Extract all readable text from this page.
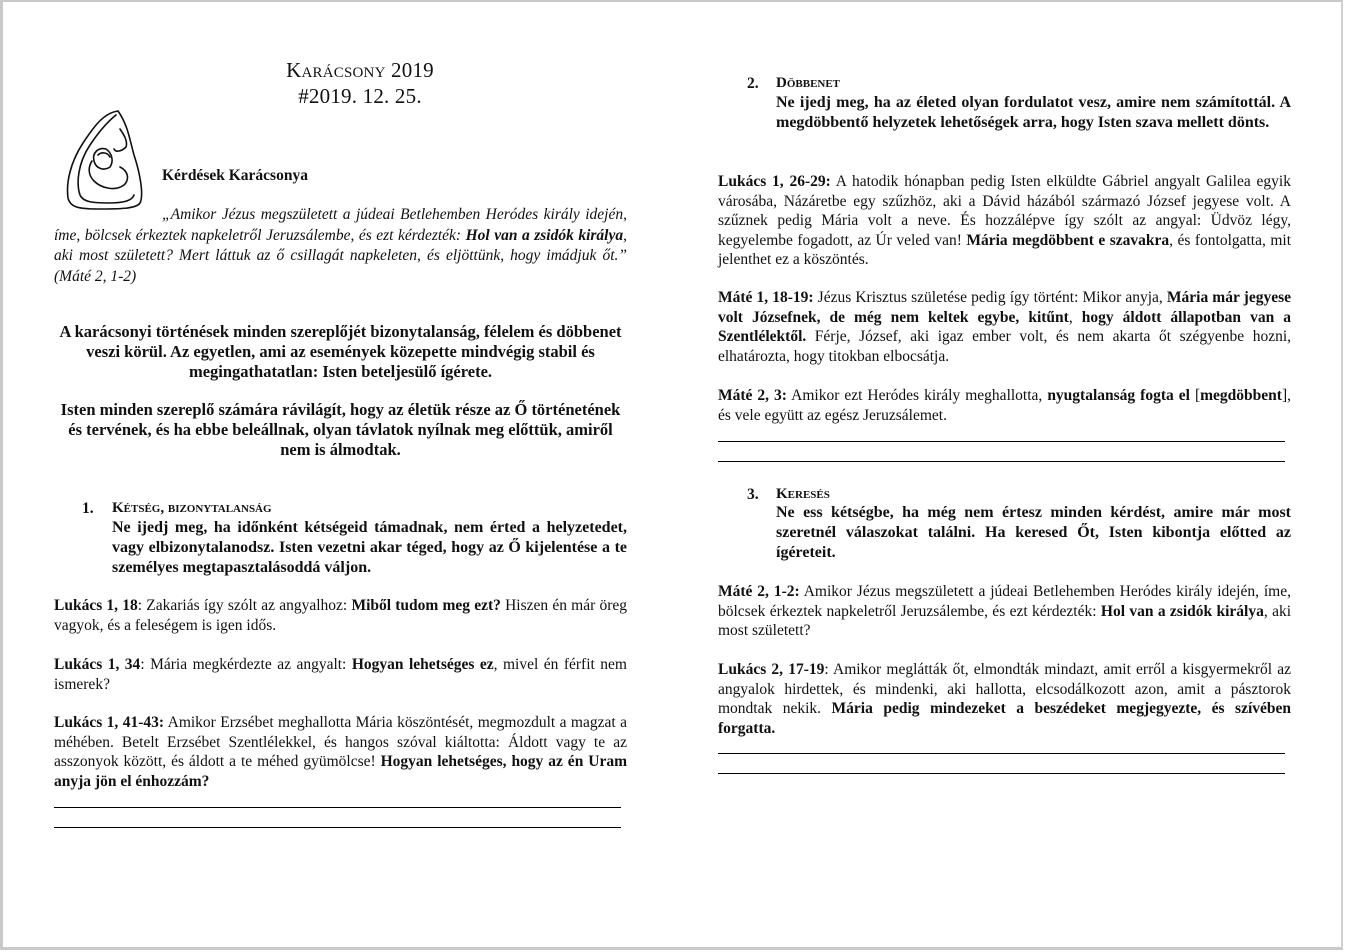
Karácsony 2019
#2019. 12. 25.
Kérdések Karácsonya

„Amikor Jézus megszületett a júdeai Betlehemben Heródes király idején, íme, bölcsek érkeztek napkeletről Jeruzsálembe, és ezt kérdezték: Hol van a zsidók királya, aki most született? Mert láttuk az ő csillagát napkeleten, és eljöttünk, hogy imádjuk őt.” (Máté 2, 1-2)

A karácsonyi történések minden szereplőjét bizonytalanság, félelem és döbbenet veszi körül. Az egyetlen, ami az események közepette mindvégig stabil és megingathatatlan: Isten beteljesülő ígérete.
Isten minden szereplő számára rávilágít, hogy az életük része az Ő történetének és tervének, és ha ebbe beleállnak, olyan távlatok nyílnak meg előttük, amiről nem is álmodtak.
1. Kétség, bizonytalanság
Ne ijedj meg, ha időnként kétségeid támadnak, nem érted a helyzetedet, vagy elbizonytalanodsz. Isten vezetni akar téged, hogy az Ő kijelentése a te személyes megtapasztalásoddá váljon.
Lukács 1, 18: Zakariás így szólt az angyalhoz: Miből tudom meg ezt? Hiszen én már öreg vagyok, és a feleségem is igen idős.
Lukács 1, 34: Mária megkérdezte az angyalt: Hogyan lehetséges ez, mivel én férfit nem ismerek?
Lukács 1, 41-43: Amikor Erzsébet meghallotta Mária köszöntését, megmozdult a magzat a méhében. Betelt Erzsébet Szentlélekkel, és hangos szóval kiáltotta: Áldott vagy te az asszonyok között, és áldott a te méhed gyümölcse! Hogyan lehetséges, hogy az én Uram anyja jön el énhozzám?
2. Döbbenet
Ne ijedj meg, ha az életed olyan fordulatot vesz, amire nem számítottál. A megdöbbentő helyzetek lehetőségek arra, hogy Isten szava mellett dönts.
Lukács 1, 26-29: A hatodik hónapban pedig Isten elküldte Gábriel angyalt Galilea egyik városába, Názáretbe egy szűzhöz, aki a Dávid házából származó József jegyese volt. A szűznek pedig Mária volt a neve. És hozzálépve így szólt az angyal: Üdvöz légy, kegyelembe fogadott, az Úr veled van! Mária megdöbbent e szavakra, és fontolgatta, mit jelenthet ez a köszöntés.
Máté 1, 18-19: Jézus Krisztus születése pedig így történt: Mikor anyja, Mária már jegyese volt Józsefnek, de még nem keltek egybe, kitűnt, hogy áldott állapotban van a Szentlélektől. Férje, József, aki igaz ember volt, és nem akarta őt szégyenbe hozni, elhatározta, hogy titokban elbocsátja.
Máté 2, 3: Amikor ezt Heródes király meghallotta, nyugtalanság fogta el [megdöbbent], és vele együtt az egész Jeruzsálemet.
3. Keresés
Ne ess kétségbe, ha még nem értesz minden kérdést, amire már most szeretnél válaszokat találni. Ha keresed Őt, Isten kibontja előtted az ígéreteit.
Máté 2, 1-2: Amikor Jézus megszületett a júdeai Betlehemben Heródes király idején, íme, bölcsek érkeztek napkeletről Jeruzsálembe, és ezt kérdezték: Hol van a zsidók királya, aki most született?
Lukács 2, 17-19: Amikor meglátták őt, elmondták mindazt, amit erről a kisgyermekről az angyalok hirdettek, és mindenki, aki hallotta, elcsodálkozott azon, amit a pásztorok mondtak nekik. Mária pedig mindezeket a beszédeket megjegyezte, és szívében forgatta.
